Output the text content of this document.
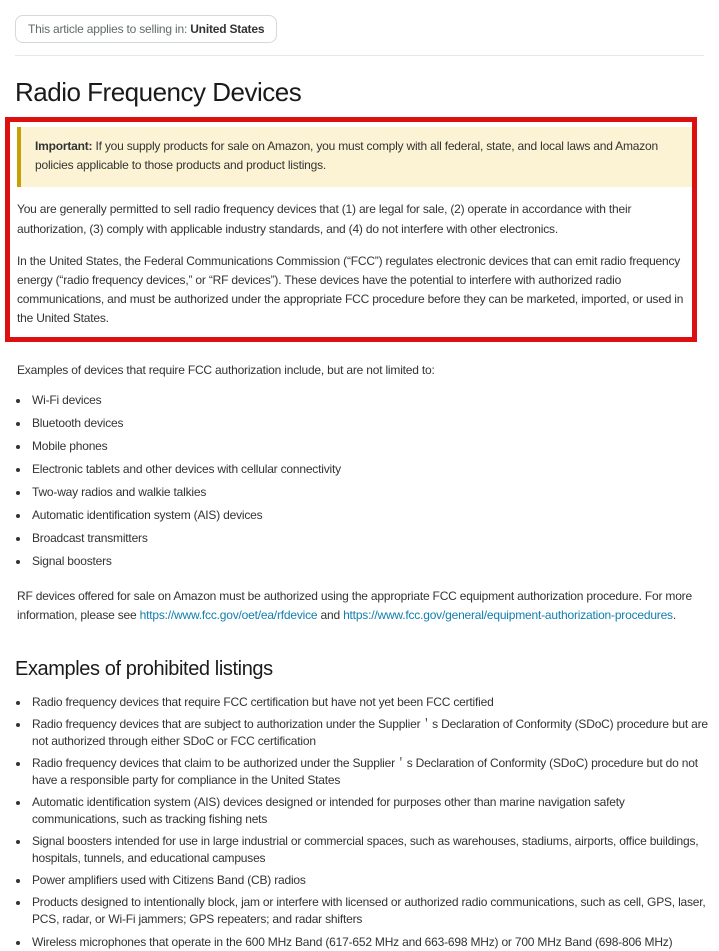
This article applies to selling in: United States
Radio Frequency Devices
Important: If you supply products for sale on Amazon, you must comply with all federal, state, and local laws and Amazon policies applicable to those products and product listings.

You are generally permitted to sell radio frequency devices that (1) are legal for sale, (2) operate in accordance with their authorization, (3) comply with applicable industry standards, and (4) do not interfere with other electronics.

In the United States, the Federal Communications Commission (“FCC”) regulates electronic devices that can emit radio frequency energy (“radio frequency devices,” or “RF devices”). These devices have the potential to interfere with authorized radio communications, and must be authorized under the appropriate FCC procedure before they can be marketed, imported, or used in the United States.

Examples of devices that require FCC authorization include, but are not limited to:

• Wi-Fi devices
• Bluetooth devices
• Mobile phones
• Electronic tablets and other devices with cellular connectivity
• Two-way radios and walkie talkies
• Automatic identification system (AIS) devices
• Broadcast transmitters
• Signal boosters

RF devices offered for sale on Amazon must be authorized using the appropriate FCC equipment authorization procedure. For more information, please see https://www.fcc.gov/oet/ea/rfdevice and https://www.fcc.gov/general/equipment-authorization-procedures.

Examples of prohibited listings
• Radio frequency devices that require FCC certification but have not yet been FCC certified
• Radio frequency devices that are subject to authorization under the Supplier＇s Declaration of Conformity (SDoC) procedure but are not authorized through either SDoC or FCC certification
• Radio frequency devices that claim to be authorized under the Supplier＇s Declaration of Conformity (SDoC) procedure but do not have a responsible party for compliance in the United States
• Automatic identification system (AIS) devices designed or intended for purposes other than marine navigation safety communications, such as tracking fishing nets
• Signal boosters intended for use in large industrial or commercial spaces, such as warehouses, stadiums, airports, office buildings, hospitals, tunnels, and educational campuses
• Power amplifiers used with Citizens Band (CB) radios
• Products designed to intentionally block, jam or interfere with licensed or authorized radio communications, such as cell, GPS, laser, PCS, radar, or Wi-Fi jammers; GPS repeaters; and radar shifters
• Wireless microphones that operate in the 600 MHz Band (617-652 MHz and 663-698 MHz) or 700 MHz Band (698-806 MHz)
